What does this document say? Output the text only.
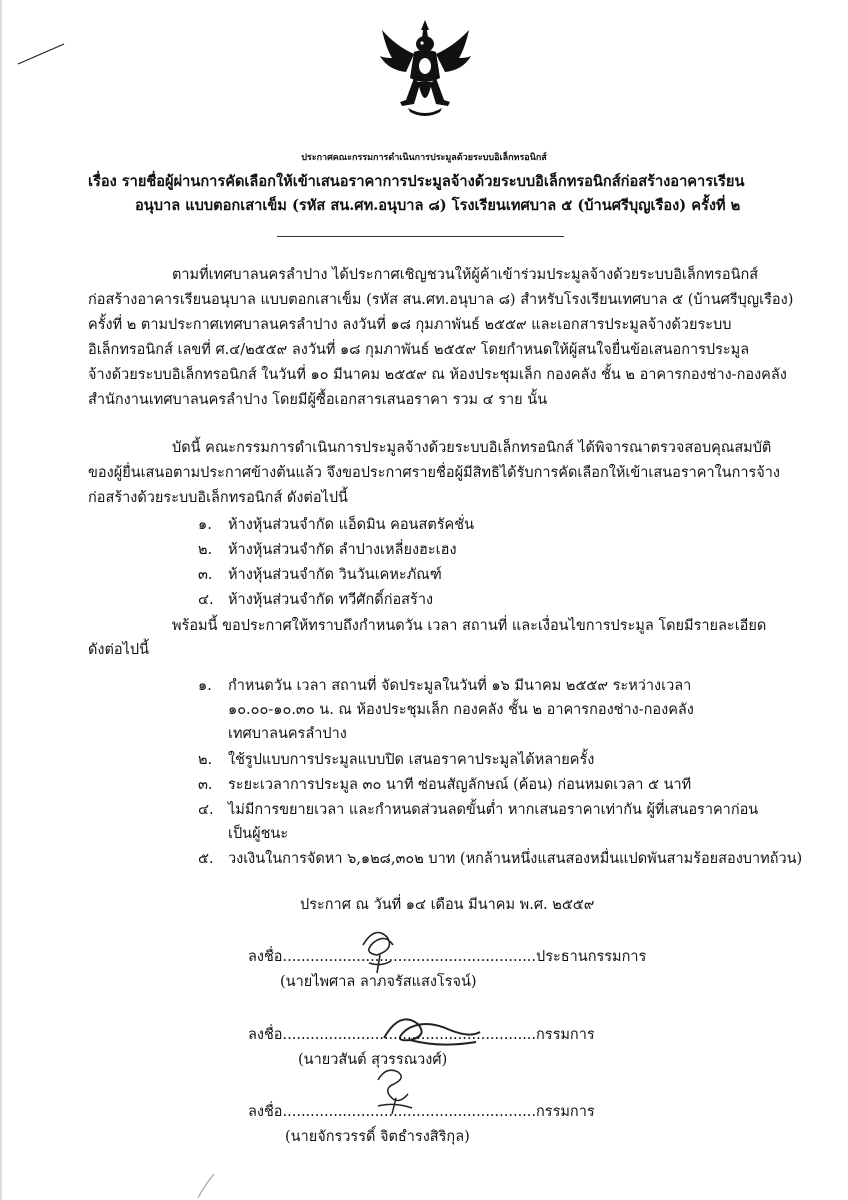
ประกาศคณะกรรมการดำเนินการประมูลด้วยระบบอิเล็กทรอนิกส์
เรื่อง รายชื่อผู้ผ่านการคัดเลือกให้เข้าเสนอราคาการประมูลจ้างด้วยระบบอิเล็กทรอนิกส์ก่อสร้างอาคารเรียน
อนุบาล แบบตอกเสาเข็ม (รหัส สน.ศท.อนุบาล ๘) โรงเรียนเทศบาล ๕ (บ้านศรีบุญเรือง) ครั้งที่ ๒
ตามที่เทศบาลนครลำปาง ได้ประกาศเชิญชวนให้ผู้ค้าเข้าร่วมประมูลจ้างด้วยระบบอิเล็กทรอนิกส์
ก่อสร้างอาคารเรียนอนุบาล แบบตอกเสาเข็ม (รหัส สน.ศท.อนุบาล ๘) สำหรับโรงเรียนเทศบาล ๕ (บ้านศรีบุญเรือง)
ครั้งที่ ๒ ตามประกาศเทศบาลนครลำปาง ลงวันที่ ๑๘ กุมภาพันธ์ ๒๕๕๙ และเอกสารประมูลจ้างด้วยระบบ
อิเล็กทรอนิกส์ เลขที่ ศ.๔/๒๕๕๙ ลงวันที่ ๑๘ กุมภาพันธ์ ๒๕๕๙ โดยกำหนดให้ผู้สนใจยื่นข้อเสนอการประมูล
จ้างด้วยระบบอิเล็กทรอนิกส์ ในวันที่ ๑๐ มีนาคม ๒๕๕๙ ณ ห้องประชุมเล็ก กองคลัง ชั้น ๒ อาคารกองช่าง-กองคลัง
สำนักงานเทศบาลนครลำปาง โดยมีผู้ซื้อเอกสารเสนอราคา รวม ๔ ราย นั้น
บัดนี้ คณะกรรมการดำเนินการประมูลจ้างด้วยระบบอิเล็กทรอนิกส์ ได้พิจารณาตรวจสอบคุณสมบัติ
ของผู้ยื่นเสนอตามประกาศข้างต้นแล้ว จึงขอประกาศรายชื่อผู้มีสิทธิได้รับการคัดเลือกให้เข้าเสนอราคาในการจ้าง
ก่อสร้างด้วยระบบอิเล็กทรอนิกส์ ดังต่อไปนี้
๑. ห้างหุ้นส่วนจำกัด แอ็ดมิน คอนสตรัคชั่น
๒. ห้างหุ้นส่วนจำกัด ลำปางเหลี่ยงฮะเฮง
๓. ห้างหุ้นส่วนจำกัด วินวันเคหะภัณฑ์
๔. ห้างหุ้นส่วนจำกัด ทวีศักดิ์ก่อสร้าง
พร้อมนี้ ขอประกาศให้ทราบถึงกำหนดวัน เวลา สถานที่ และเงื่อนไขการประมูล โดยมีรายละเอียด
ดังต่อไปนี้
๑. กำหนดวัน เวลา สถานที่ จัดประมูลในวันที่ ๑๖ มีนาคม ๒๕๕๙ ระหว่างเวลา
๑๐.๐๐-๑๐.๓๐ น. ณ ห้องประชุมเล็ก กองคลัง ชั้น ๒ อาคารกองช่าง-กองคลัง
เทศบาลนครลำปาง
๒. ใช้รูปแบบการประมูลแบบปิด เสนอราคาประมูลได้หลายครั้ง
๓. ระยะเวลาการประมูล ๓๐ นาที ซ่อนสัญลักษณ์ (ค้อน) ก่อนหมดเวลา ๕ นาที
๔. ไม่มีการขยายเวลา และกำหนดส่วนลดขั้นต่ำ หากเสนอราคาเท่ากัน ผู้ที่เสนอราคาก่อน
เป็นผู้ชนะ
๕. วงเงินในการจัดหา ๖,๑๒๘,๓๐๒ บาท (หกล้านหนึ่งแสนสองหมื่นแปดพันสามร้อยสองบาทถ้วน)
ประกาศ ณ วันที่ ๑๔ เดือน มีนาคม พ.ศ. ๒๕๕๙
ลงชื่อ.......................................................ประธานกรรมการ
(นายไพศาล ลาภจรัสแสงโรจน์)
ลงชื่อ.......................................................กรรมการ
(นายวสันต์ สุวรรณวงศ์)
ลงชื่อ.......................................................กรรมการ
(นายจักรวรรดิ์ จิตธำรงสิริกุล)
